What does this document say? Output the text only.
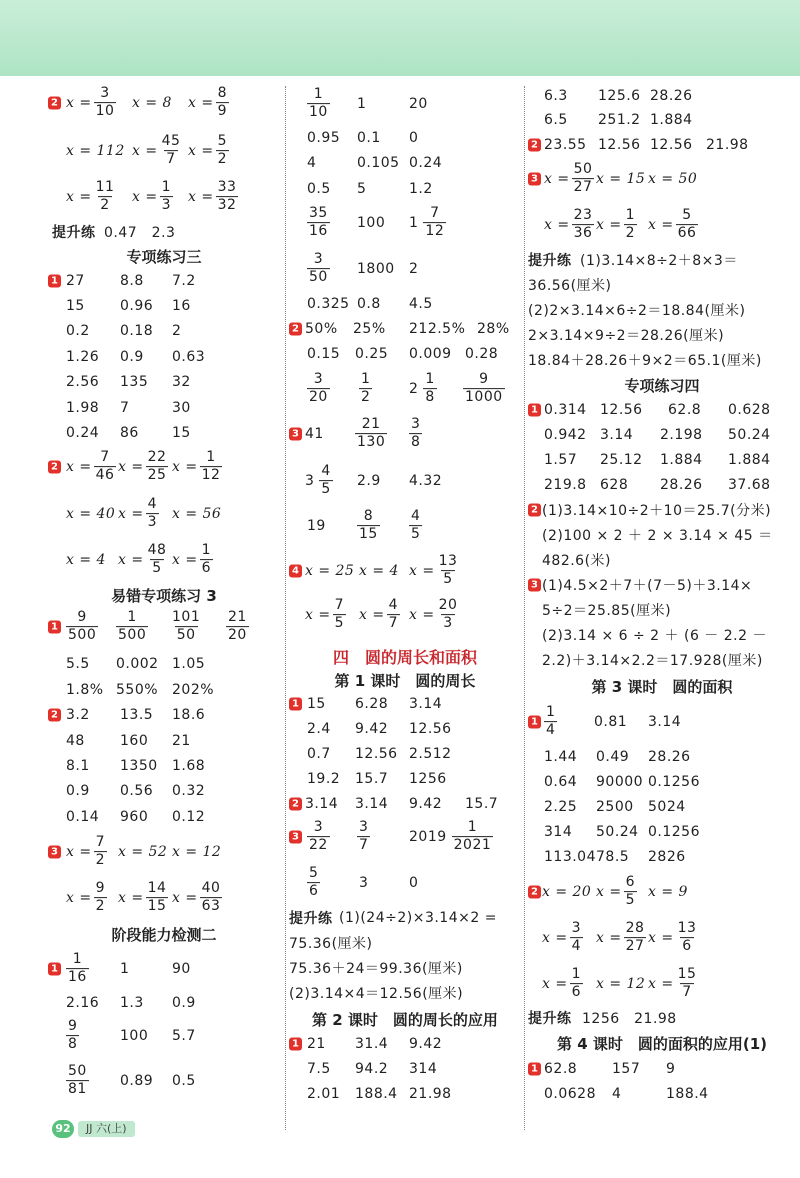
2 $x = \frac{3}{10}$ x = 8 $x = \frac{8}{9}$
x = 112 $x = \frac{45}{7}$ $x = \frac{5}{2}$
$x = \frac{11}{2}$ $x = \frac{1}{3}$ $x = \frac{33}{32}$
提升练 0.47　2.3
专项练习三
1 27	8.8 7.2
15	0.96 16
0.2 0.18 2
1.26 0.9 0.63
2.56 135 32
1.98 7	30
0.24 86 15
2 $x = \frac{7}{46}$ $x = \frac{22}{25}$ $x = \frac{1}{12}$
x = 40 $x = \frac{4}{3}$ x = 56
x = 4 $x = \frac{48}{5}$ $x = \frac{1}{6}$
易错专项练习 3
$1 \frac{9}{500} \frac{1}{500} \frac{101}{50} \frac{21}{20}$
5.5 0.002 1.05
1.8% 550% 202%
2 3.2 13.5 18.6
48	160 21
8.1 1350 1.68
0.9 0.56 0.32
0.14 960 0.12
3 $x = \frac{7}{2}$ x = 52 x = 12
$x = \frac{9}{2}$ $x = \frac{14}{15}$ $x = \frac{40}{63}$
阶段能力检测二
$1 \frac{1}{16} 1$	90
2.16 1.3 0.9
$\frac{9}{8}$	100 5.7
$\frac{50}{81} 0.89$ 0.5
$\frac{1}{10} 1$	20
0.95 0.1 0
4	0.105 0.24
0.5 5	1.2
$\frac{35}{16} 100$ $1 \frac{7}{12}$
$\frac{3}{50} 1800$ 2
0.325 0.8 4.5
2 50% 25% 212.5% 28%
0.15 0.25 0.009 0.28
$\frac{3}{20} \frac{1}{2}$	$2 \frac{1}{8} \frac{9}{1000}$
3 $41 \frac{21}{130} \frac{3}{8}$
$3 \frac{4}{5} 2.9$ 4.32
$19 \frac{8}{15} \frac{4}{5}$
4 x = 25 x = 4 $x = \frac{13}{5}$
$x = \frac{7}{5}$ $x = \frac{4}{7}$ $x = \frac{20}{3}$
四　圆的周长和面积
第 1 课时　圆的周长
1 15 6.28 3.14
2.4 9.42 12.56
0.7 12.56 2.512
19.2 15.7 1256
2 3.14 3.14 9.42 15.7
$3 \frac{3}{22} \frac{3}{7}$	$2019 \frac{1}{2021}$
$\frac{5}{6}$	3	0
提升练 (1)(24÷2)×3.14×2 =
75.36(厘米)
75.36＋24＝99.36(厘米)
(2)3.14×4＝12.56(厘米)
第 2 课时　圆的周长的应用
1 21 31.4 9.42
7.5 94.2 314
2.01 188.4 21.98
6.3 125.6 28.26
6.5 251.2 1.884
2 23.55 12.56 12.56 21.98
3 $x = \frac{50}{27}$ x = 15 x = 50
$x = \frac{23}{36}$ $x = \frac{1}{2}$ $x = \frac{5}{66}$
提升练 (1)3.14×8÷2＋8×3＝
36.56(厘米)
(2)2×3.14×6÷2＝18.84(厘米)
2×3.14×9÷2＝28.26(厘米)
18.84＋28.26＋9×2＝65.1(厘米)
专项练习四
1 0.314 12.56 62.8 0.628
0.942 3.14 2.198 50.24
1.57 25.12 1.884 1.884
219.8 628 28.26 37.68
2 (1)3.14×10÷2＋10＝25.7(分米)
(2)100 × 2 ＋ 2 × 3.14 × 45 ＝
482.6(米)
3 (1)4.5×2＋7＋(7－5)＋3.14×
5÷2＝25.85(厘米)
(2)3.14 × 6 ÷ 2 ＋ (6 － 2.2 －
2.2)＋3.14×2.2＝17.928(厘米)
第 3 课时　圆的面积
$1 \frac{1}{4}$	0.81 3.14
1.44 0.49 28.26
0.64 90000 0.1256
2.25 2500 5024
314 50.24 0.1256
113.04 78.5 2826
2 x = 20 $x = \frac{6}{5}$ x = 9
$x = \frac{3}{4}$ $x = \frac{28}{27}$ $x = \frac{13}{6}$
$x = \frac{1}{6}$ x = 12 $x = \frac{15}{7}$
提升练 1256　21.98
第 4 课时　圆的面积的应用(1)
1 62.8 157 9
0.0628 4	188.4
92	JJ 六(上)
